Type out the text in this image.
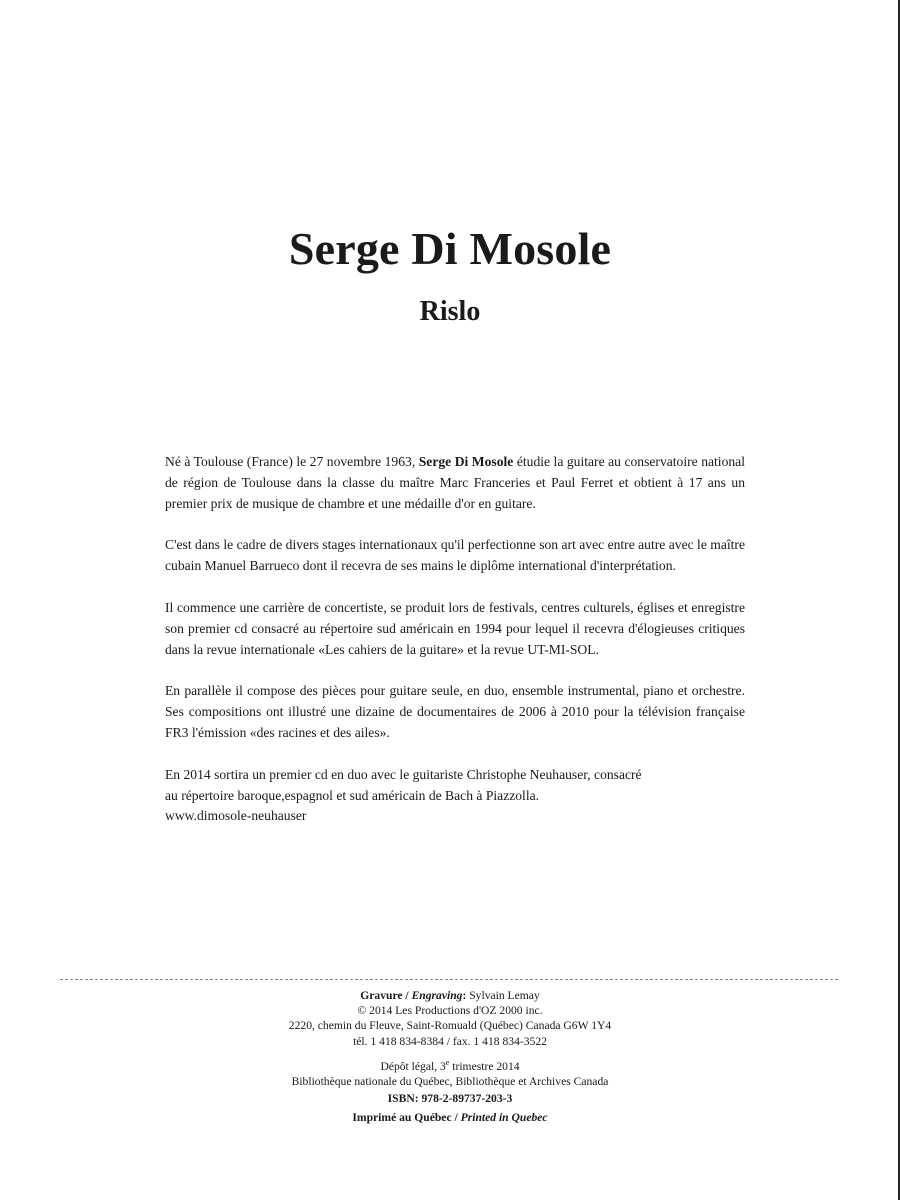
Serge Di Mosole
Rislo

Né à Toulouse (France) le 27 novembre 1963, Serge Di Mosole étudie la guitare au conservatoire national de région de Toulouse dans la classe du maître Marc Franceries et Paul Ferret et obtient à 17 ans un premier prix de musique de chambre et une médaille d'or en guitare.

C'est dans le cadre de divers stages internationaux qu'il perfectionne son art avec entre autre avec le maître cubain Manuel Barrueco dont il recevra de ses mains le diplôme international d'interprétation.

Il commence une carrière de concertiste, se produit lors de festivals, centres culturels, églises et enregistre son premier cd consacré au répertoire sud américain en 1994 pour lequel il recevra d'élogieuses critiques dans la revue internationale «Les cahiers de la guitare» et la revue UT-MI-SOL.

En parallèle il compose des pièces pour guitare seule, en duo, ensemble instrumental, piano et orchestre. Ses compositions ont illustré une dizaine de documentaires de 2006 à 2010 pour la télévision française FR3 l'émission «des racines et des ailes».

En 2014 sortira un premier cd en duo avec le guitariste Christophe Neuhauser, consacré
au répertoire baroque,espagnol et sud américain de Bach à Piazzolla.
www.dimosole-neuhauser

Gravure / Engraving: Sylvain Lemay
© 2014 Les Productions d'OZ 2000 inc.
2220, chemin du Fleuve, Saint-Romuald (Québec) Canada G6W 1Y4
tél. 1 418 834-8384 / fax. 1 418 834-3522
Dépôt légal, 3e trimestre 2014
Bibliothèque nationale du Québec, Bibliothèque et Archives Canada
ISBN: 978-2-89737-203-3
Imprimé au Québec / Printed in Quebec
